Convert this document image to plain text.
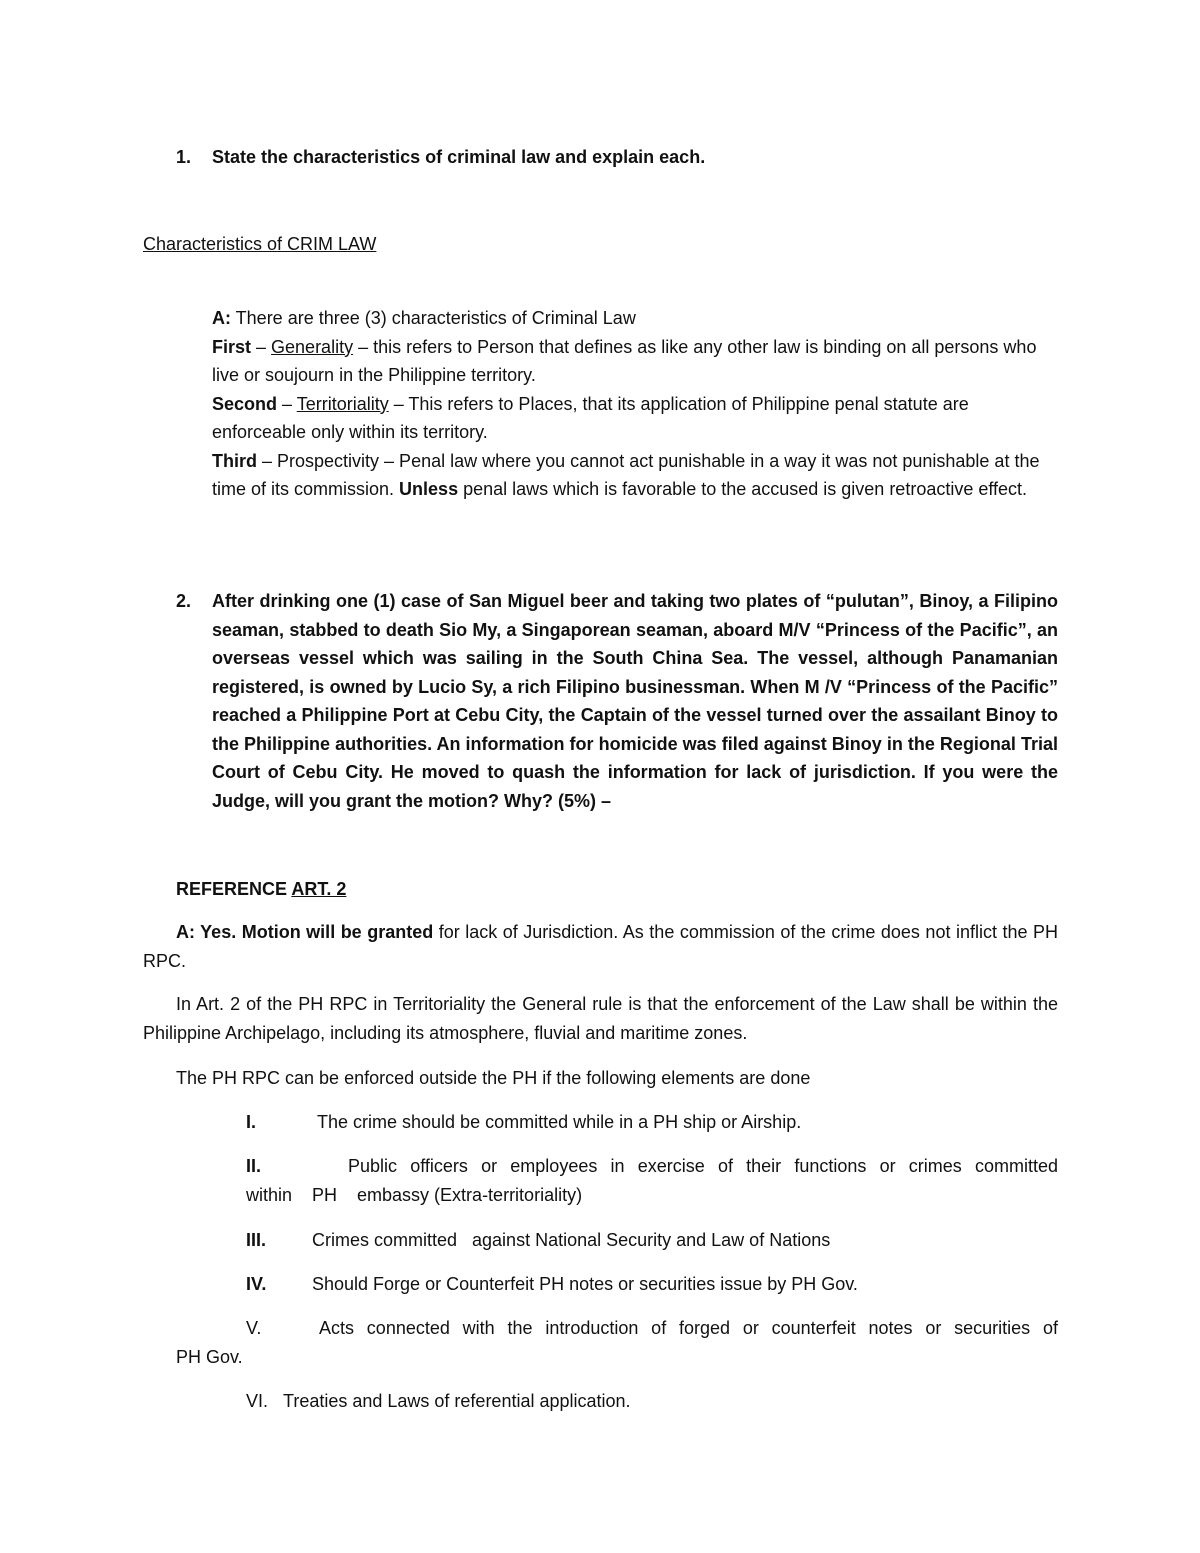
1. State the characteristics of criminal law and explain each.
Characteristics of CRIM LAW

A: There are three (3) characteristics of Criminal Law

First – Generality – this refers to Person that defines as like any other law is binding on all persons who live or soujourn in the Philippine territory.

Second – Territoriality – This refers to Places, that its application of Philippine penal statute are enforceable only within its territory.

Third – Prospectivity – Penal law where you cannot act punishable in a way it was not punishable at the time of its commission. Unless penal laws which is favorable to the accused is given retroactive effect.

2. After drinking one (1) case of San Miguel beer and taking two plates of “pulutan”, Binoy, a Filipino seaman, stabbed to death Sio My, a Singaporean seaman, aboard M/V “Princess of the Pacific”, an overseas vessel which was sailing in the South China Sea. The vessel, although Panamanian registered, is owned by Lucio Sy, a rich Filipino businessman. When M /V “Princess of the Pacific” reached a Philippine Port at Cebu City, the Captain of the vessel turned over the assailant Binoy to the Philippine authorities. An information for homicide was filed against Binoy in the Regional Trial Court of Cebu City. He moved to quash the information for lack of jurisdiction. If you were the Judge, will you grant the motion? Why? (5%) –
REFERENCE ART. 2

A: Yes. Motion will be granted for lack of Jurisdiction. As the commission of the crime does not inflict the PH RPC.

In Art. 2 of the PH RPC in Territoriality the General rule is that the enforcement of the Law shall be within the Philippine Archipelago, including its atmosphere, fluvial and maritime zones.

The PH RPC can be enforced outside the PH if the following elements are done
I.	The crime should be committed while in a PH ship or Airship.
II.	Public officers or employees in exercise of their functions or crimes committed
within    PH    embassy (Extra-territoriality)
III.	Crimes committed   against National Security and Law of Nations
IV.	Should Forge or Counterfeit PH notes or securities issue by PH Gov.
V.	Acts connected with the introduction of forged or counterfeit notes or securities of
PH Gov.
VI. Treaties and Laws of referential application.
